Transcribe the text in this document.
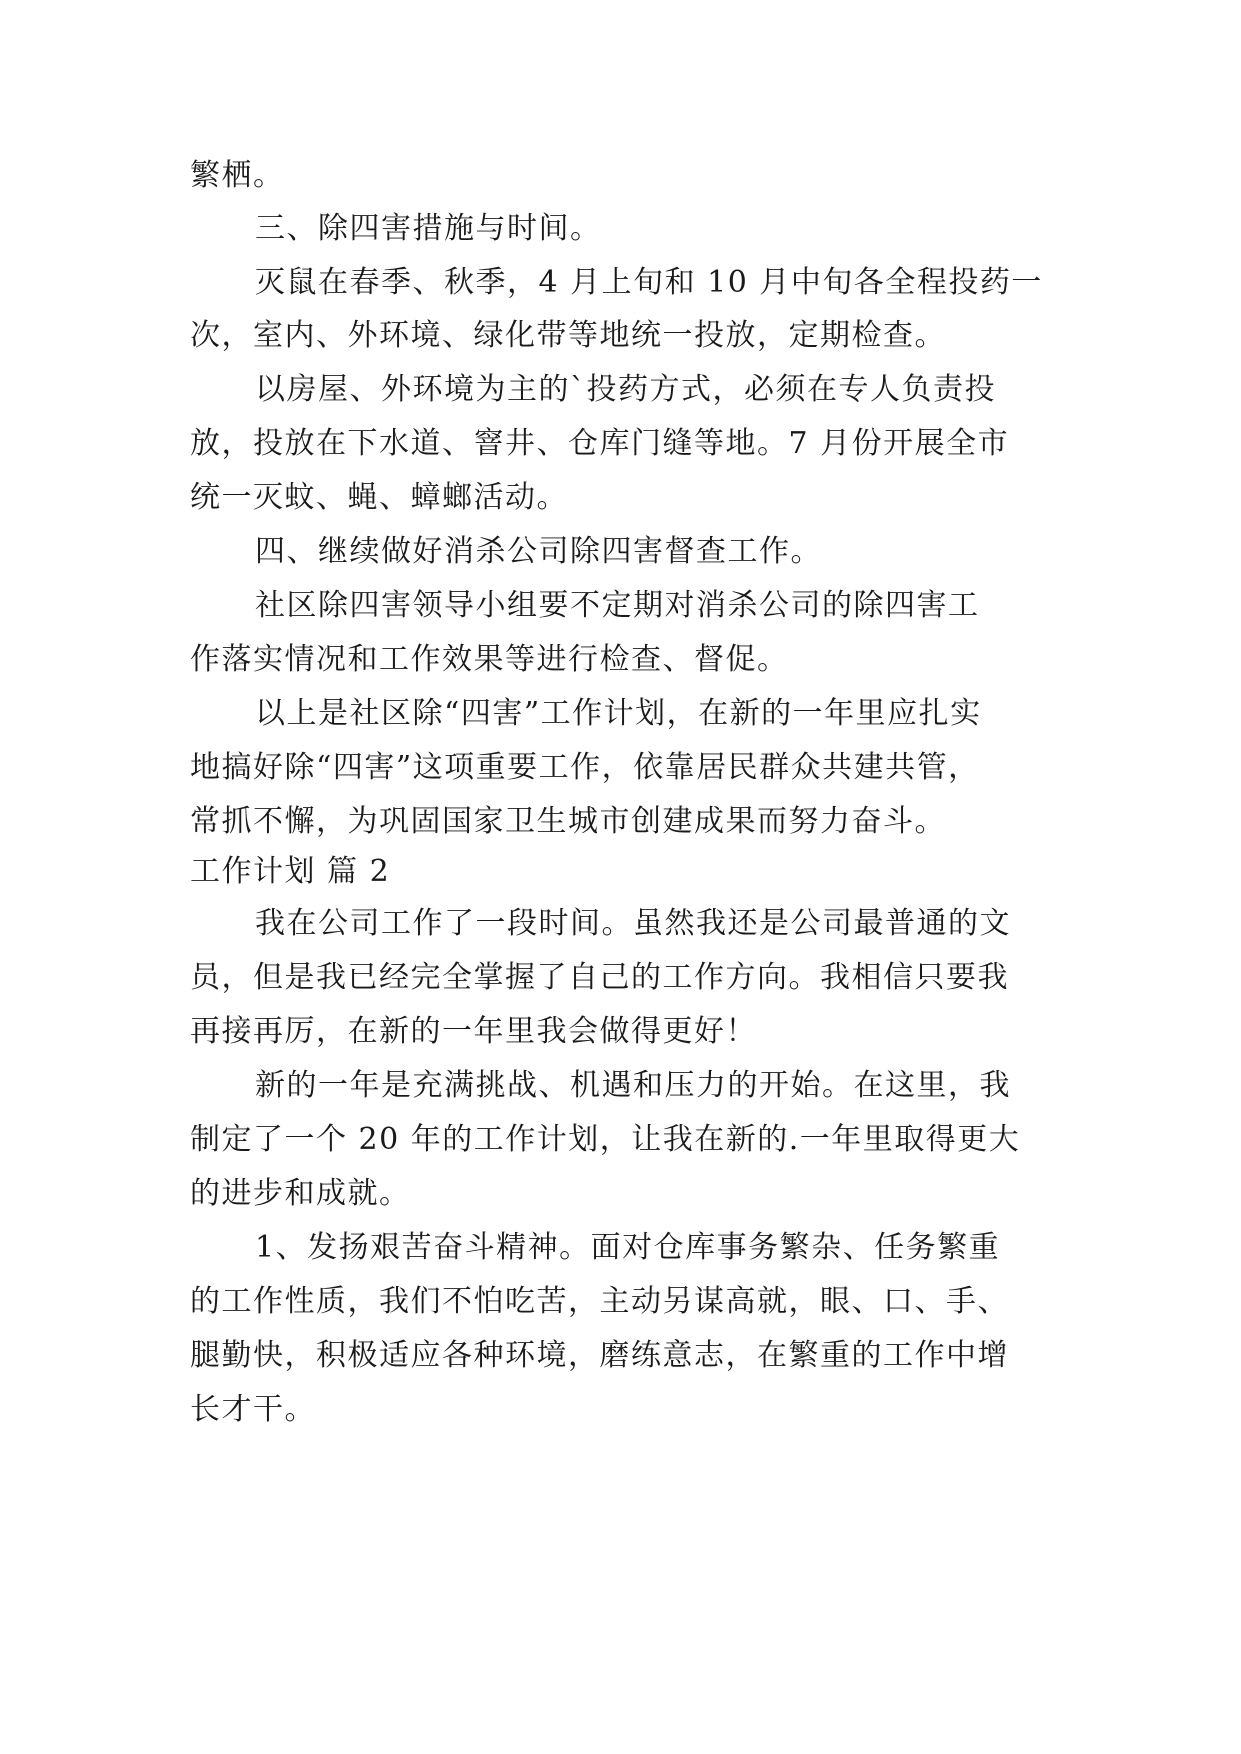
繁栖。
三、除四害措施与时间。
灭鼠在春季、秋季，4 月上旬和 10 月中旬各全程投药一
次，室内、外环境、绿化带等地统一投放，定期检查。
以房屋、外环境为主的`投药方式，必须在专人负责投
放，投放在下水道、窨井、仓库门缝等地。7 月份开展全市
统一灭蚊、蝇、蟑螂活动。
四、继续做好消杀公司除四害督查工作。
社区除四害领导小组要不定期对消杀公司的除四害工
作落实情况和工作效果等进行检查、督促。
以上是社区除“四害”工作计划，在新的一年里应扎实
地搞好除“四害”这项重要工作，依靠居民群众共建共管，
常抓不懈，为巩固国家卫生城市创建成果而努力奋斗。
工作计划 篇 2
我在公司工作了一段时间。虽然我还是公司最普通的文
员，但是我已经完全掌握了自己的工作方向。我相信只要我
再接再厉，在新的一年里我会做得更好！
新的一年是充满挑战、机遇和压力的开始。在这里，我
制定了一个 20 年的工作计划，让我在新的.一年里取得更大
的进步和成就。
1、发扬艰苦奋斗精神。面对仓库事务繁杂、任务繁重
的工作性质，我们不怕吃苦，主动另谋高就，眼、口、手、
腿勤快，积极适应各种环境，磨练意志，在繁重的工作中增
长才干。
